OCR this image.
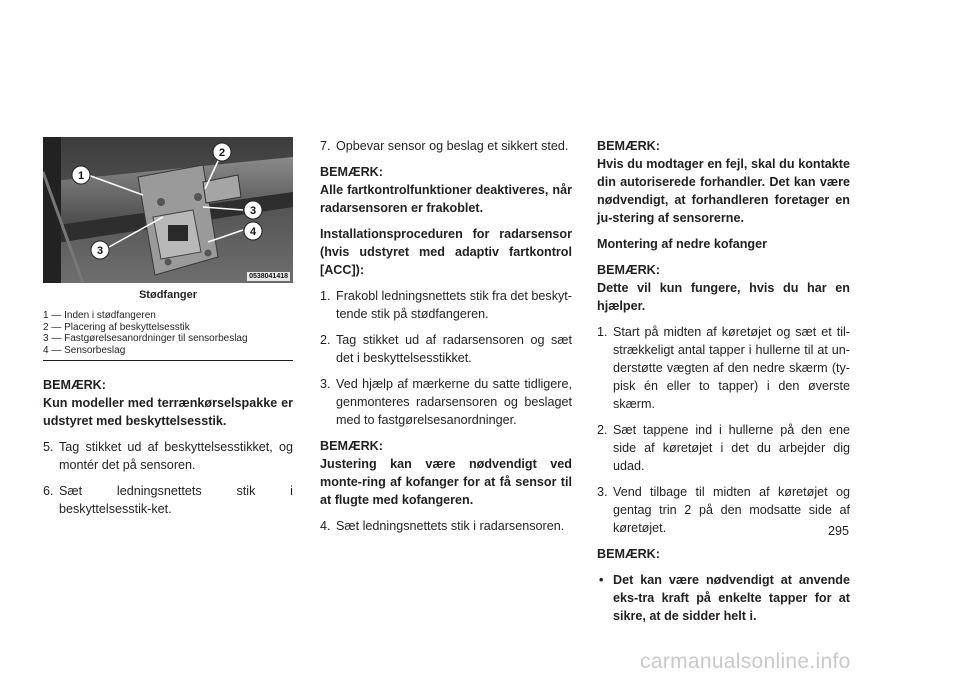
1
2
3
3
4
0538041418
Stødfanger
1 — Inden i stødfangeren
2 — Placering af beskyttelsesstik
3 — Fastgørelsesanordninger til sensorbeslag
4 — Sensorbeslag

BEMÆRK:

Kun modeller med terrænkørselspakke er udstyret med beskyttelsesstik.

5. Tag stikket ud af beskyttelsesstikket, og montér det på sensoren.
6. Sæt ledningsnettets stik i beskyttelsesstik-ket.
7. Opbevar sensor og beslag et sikkert sted.

BEMÆRK:

Alle fartkontrolfunktioner deaktiveres, når radarsensoren er frakoblet.

Installationsproceduren for radarsensor (hvis udstyret med adaptiv fartkontrol [ACC]):

1. Frakobl ledningsnettets stik fra det beskyt-tende stik på stødfangeren.
2. Tag stikket ud af radarsensoren og sæt det i beskyttelsesstikket.
3. Ved hjælp af mærkerne du satte tidligere, genmonteres radarsensoren og beslaget med to fastgørelsesanordninger.

BEMÆRK:

Justering kan være nødvendigt ved monte-ring af kofanger for at få sensor til at flugte med kofangeren.

4. Sæt ledningsnettets stik i radarsensoren.

BEMÆRK:

Hvis du modtager en fejl, skal du kontakte din autoriserede forhandler. Det kan være nødvendigt, at forhandleren foretager en ju-stering af sensorerne.

Montering af nedre kofanger

BEMÆRK:

Dette vil kun fungere, hvis du har en hjælper.

1. Start på midten af køretøjet og sæt et til-strækkeligt antal tapper i hullerne til at un-derstøtte vægten af den nedre skærm (ty-pisk én eller to tapper) i den øverste skærm.
2. Sæt tappene ind i hullerne på den ene side af køretøjet i det du arbejder dig udad.
3. Vend tilbage til midten af køretøjet og gentag trin 2 på den modsatte side af køretøjet.

BEMÆRK:

• Det kan være nødvendigt at anvende eks-tra kraft på enkelte tapper for at sikre, at de sidder helt i.
295
carmanualsonline.info
